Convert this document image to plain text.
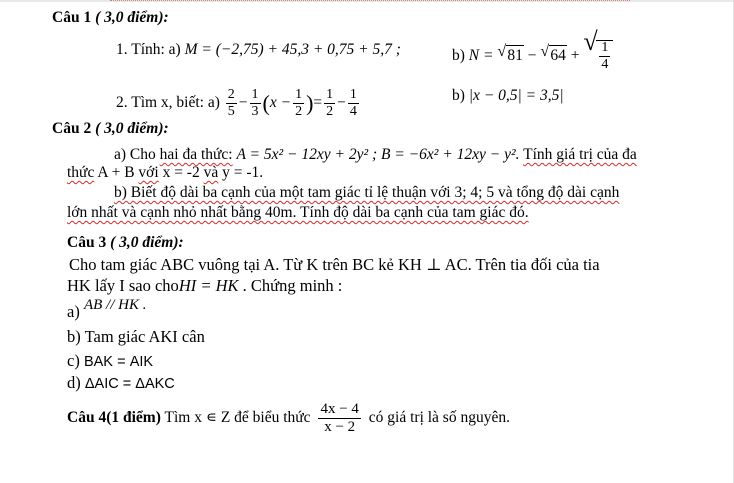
Câu 1 ( 3,0 điểm):
1. Tính: a) M = (−2,75) + 45,3 + 0,75 + 5,7 ;	b) N = √ 81 − √ 64 + √ $\frac{1}{4}$
2. Tìm x, biết: $a) \frac{2}{5} - \frac{1}{3} (x - \frac{1}{2}$ )= $\frac{1}{2} - \frac{1}{4}$	b) |x − 0,5| = 3,5|
Câu 2 ( 3,0 điểm):
a) Cho hai đa thức: A = 5x² − 12xy + 2y² ; B = −6x² + 12xy − y². Tính giá trị của đa
thức A + B với x = -2 và y = -1.
b) Biết độ dài ba cạnh của một tam giác tỉ lệ thuận với 3; 4; 5 và tổng độ dài cạnh
lớn nhất và cạnh nhỏ nhất bằng 40m. Tính độ dài ba cạnh của tam giác đó.
Câu 3 ( 3,0 điểm):
Cho tam giác ABC vuông tại A. Từ K trên BC kẻ KH ⊥ AC. Trên tia đối của tia
HK lấy I sao choHI = HK . Chứng minh :
a) AB // HK .
b) Tam giác AKI cân
c) BAK = AIK
d) ΔAIC = ΔAKC
Câu 4(1 điểm) Tìm x ∊ Z để biểu thức $\frac{4x - 4}{x - 2}$ có giá trị là số nguyên.
